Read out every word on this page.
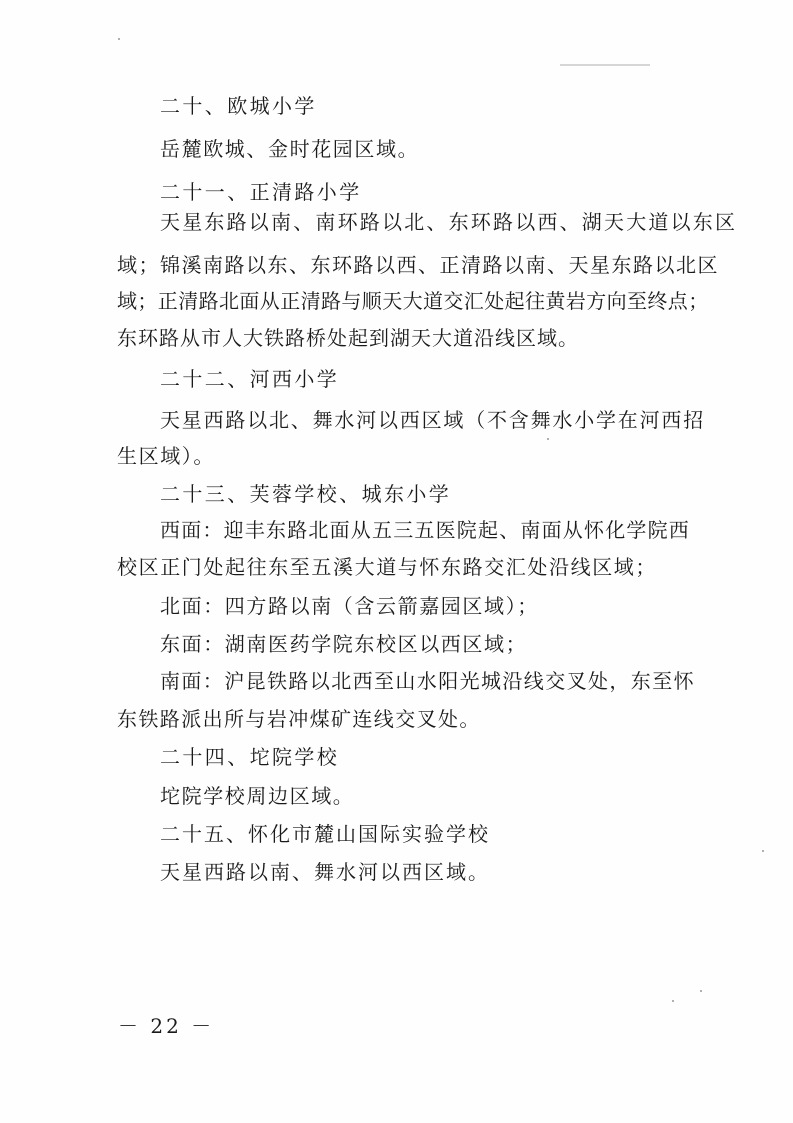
二十、欧城小学
岳麓欧城、金时花园区域。
二十一、正清路小学
天星东路以南、南环路以北、东环路以西、湖天大道以东区
域；锦溪南路以东、东环路以西、正清路以南、天星东路以北区
域；正清路北面从正清路与顺天大道交汇处起往黄岩方向至终点；
东环路从市人大铁路桥处起到湖天大道沿线区域。
二十二、河西小学
天星西路以北、舞水河以西区域（不含舞水小学在河西招
生区域）。
二十三、芙蓉学校、城东小学
西面：迎丰东路北面从五三五医院起、南面从怀化学院西
校区正门处起往东至五溪大道与怀东路交汇处沿线区域；
北面：四方路以南（含云箭嘉园区域）；
东面：湖南医药学院东校区以西区域；
南面：沪昆铁路以北西至山水阳光城沿线交叉处，东至怀
东铁路派出所与岩冲煤矿连线交叉处。
二十四、坨院学校
坨院学校周边区域。
二十五、怀化市麓山国际实验学校
天星西路以南、舞水河以西区域。
－ 22 －
